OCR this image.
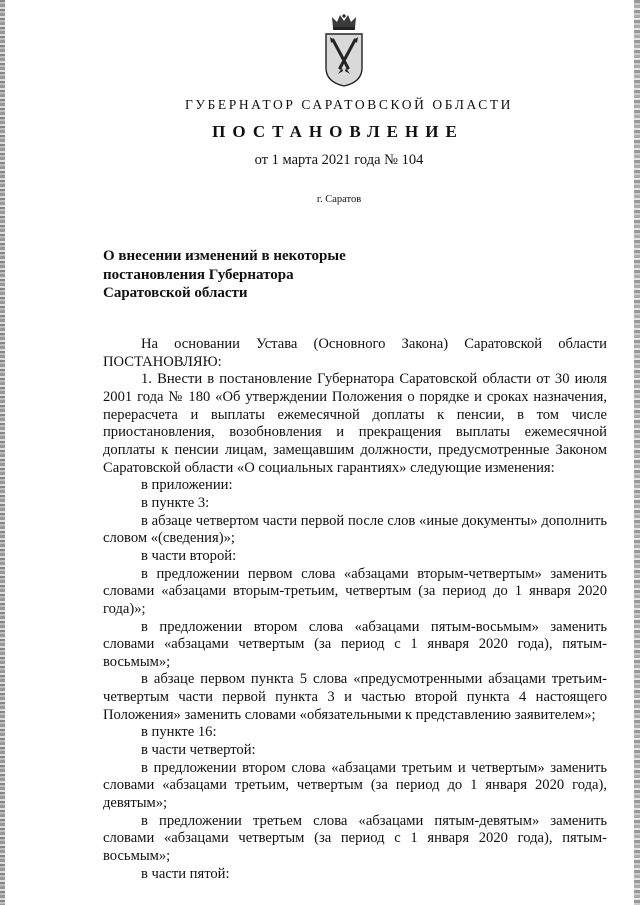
ГУБЕРНАТОР САРАТОВСКОЙ ОБЛАСТИ
ПОСТАНОВЛЕНИЕ
от 1 марта 2021 года № 104
г. Саратов
О внесении изменений в некоторые
постановления Губернатора
Саратовской области

На основании Устава (Основного Закона) Саратовской области ПОСТАНОВЛЯЮ:

1. Внести в постановление Губернатора Саратовской области от 30 июля 2001 года № 180 «Об утверждении Положения о порядке и сроках назначения, перерасчета и выплаты ежемесячной доплаты к пенсии, в том числе приостановления, возобновления и прекращения выплаты ежемесячной доплаты к пенсии лицам, замещавшим должности, предусмотренные Законом Саратовской области «О социальных гарантиях» следующие изменения:

в приложении:

в пункте 3:

в абзаце четвертом части первой после слов «иные документы» дополнить словом «(сведения)»;

в части второй:

в предложении первом слова «абзацами вторым-четвертым» заменить словами «абзацами вторым-третьим, четвертым (за период до 1 января 2020 года)»;

в предложении втором слова «абзацами пятым-восьмым» заменить словами «абзацами четвертым (за период с 1 января 2020 года), пятым-восьмым»;

в абзаце первом пункта 5 слова «предусмотренными абзацами третьим-четвертым части первой пункта 3 и частью второй пункта 4 настоящего Положения» заменить словами «обязательными к представлению заявителем»;

в пункте 16:

в части четвертой:

в предложении втором слова «абзацами третьим и четвертым» заменить словами «абзацами третьим, четвертым (за период до 1 января 2020 года), девятым»;

в предложении третьем слова «абзацами пятым-девятым» заменить словами «абзацами четвертым (за период с 1 января 2020 года), пятым-восьмым»;

в части пятой:
